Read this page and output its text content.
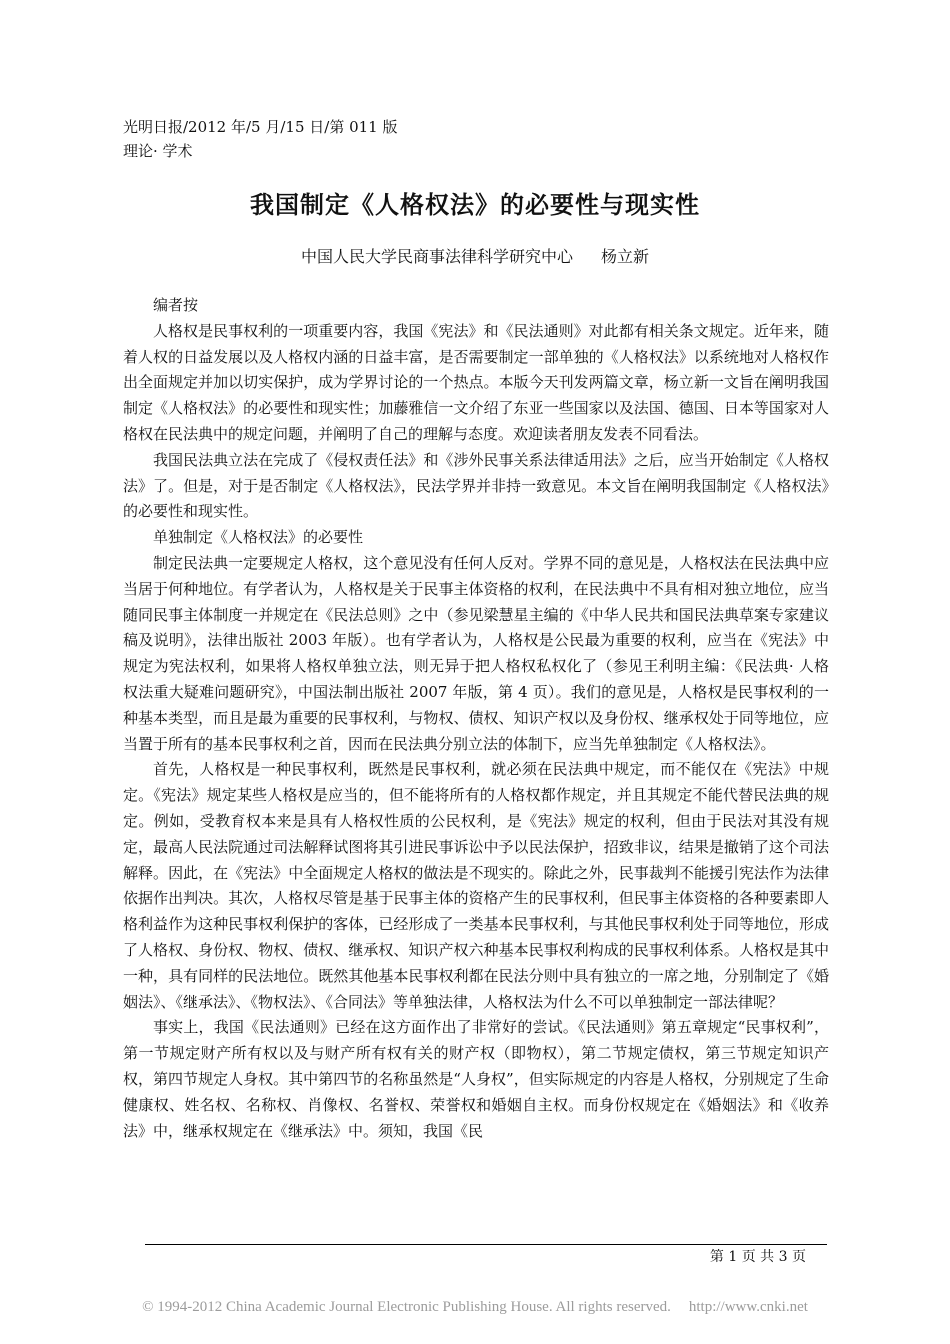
光明日报/2012 年/5 月/15 日/第 011 版
理论· 学术
我国制定《人格权法》的必要性与现实性
中国人民大学民商事法律科学研究中心 杨立新

编者按

人格权是民事权利的一项重要内容，我国《宪法》和《民法通则》对此都有相关条文规定。近年来，随着人权的日益发展以及人格权内涵的日益丰富，是否需要制定一部单独的《人格权法》以系统地对人格权作出全面规定并加以切实保护，成为学界讨论的一个热点。本版今天刊发两篇文章，杨立新一文旨在阐明我国制定《人格权法》的必要性和现实性；加藤雅信一文介绍了东亚一些国家以及法国、德国、日本等国家对人格权在民法典中的规定问题，并阐明了自己的理解与态度。欢迎读者朋友发表不同看法。

我国民法典立法在完成了《侵权责任法》和《涉外民事关系法律适用法》之后，应当开始制定《人格权法》了。但是，对于是否制定《人格权法》，民法学界并非持一致意见。本文旨在阐明我国制定《人格权法》的必要性和现实性。

单独制定《人格权法》的必要性

制定民法典一定要规定人格权，这个意见没有任何人反对。学界不同的意见是，人格权法在民法典中应当居于何种地位。有学者认为，人格权是关于民事主体资格的权利，在民法典中不具有相对独立地位，应当随同民事主体制度一并规定在《民法总则》之中（参见梁慧星主编的《中华人民共和国民法典草案专家建议稿及说明》，法律出版社 2003 年版）。也有学者认为，人格权是公民最为重要的权利，应当在《宪法》中规定为宪法权利，如果将人格权单独立法，则无异于把人格权私权化了（参见王利明主编：《民法典· 人格权法重大疑难问题研究》，中国法制出版社 2007 年版，第 4 页）。我们的意见是，人格权是民事权利的一种基本类型，而且是最为重要的民事权利，与物权、债权、知识产权以及身份权、继承权处于同等地位，应当置于所有的基本民事权利之首，因而在民法典分别立法的体制下，应当先单独制定《人格权法》。

首先，人格权是一种民事权利，既然是民事权利，就必须在民法典中规定，而不能仅在《宪法》中规定。《宪法》规定某些人格权是应当的，但不能将所有的人格权都作规定，并且其规定不能代替民法典的规定。例如，受教育权本来是具有人格权性质的公民权利，是《宪法》规定的权利，但由于民法对其没有规定，最高人民法院通过司法解释试图将其引进民事诉讼中予以民法保护，招致非议，结果是撤销了这个司法解释。因此，在《宪法》中全面规定人格权的做法是不现实的。除此之外，民事裁判不能援引宪法作为法律依据作出判决。其次，人格权尽管是基于民事主体的资格产生的民事权利，但民事主体资格的各种要素即人格利益作为这种民事权利保护的客体，已经形成了一类基本民事权利，与其他民事权利处于同等地位，形成了人格权、身份权、物权、债权、继承权、知识产权六种基本民事权利构成的民事权利体系。人格权是其中一种，具有同样的民法地位。既然其他基本民事权利都在民法分则中具有独立的一席之地，分别制定了《婚姻法》、《继承法》、《物权法》、《合同法》等单独法律，人格权法为什么不可以单独制定一部法律呢？

事实上，我国《民法通则》已经在这方面作出了非常好的尝试。《民法通则》第五章规定“民事权利”，第一节规定财产所有权以及与财产所有权有关的财产权（即物权），第二节规定债权，第三节规定知识产权，第四节规定人身权。其中第四节的名称虽然是“人身权”，但实际规定的内容是人格权，分别规定了生命健康权、姓名权、名称权、肖像权、名誉权、荣誉权和婚姻自主权。而身份权规定在《婚姻法》和《收养法》中，继承权规定在《继承法》中。须知，我国《民

第 1 页 共 3 页
© 1994-2012 China Academic Journal Electronic Publishing House. All rights reserved. http://www.cnki.net
